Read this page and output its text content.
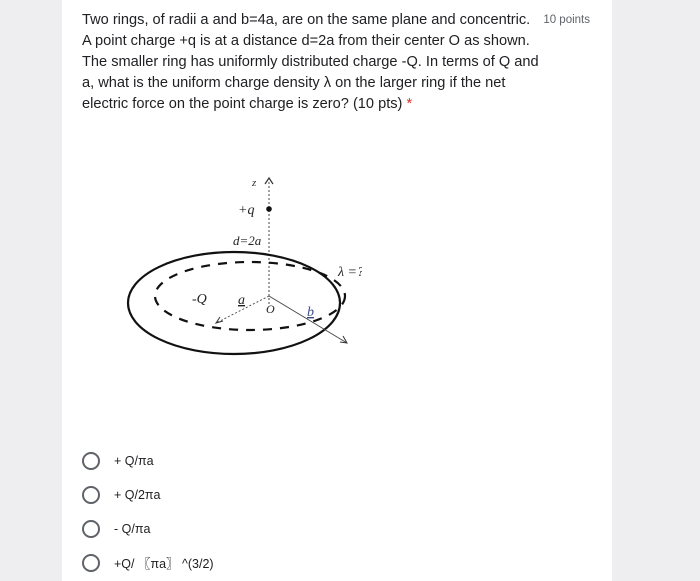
Two rings, of radii a and b=4a, are on the same plane and concentric. A point charge +q is at a distance d=2a from their center O as shown. The smaller ring has uniformly distributed charge -Q. In terms of Q and a, what is the uniform charge density λ on the larger ring if the net electric force on the point charge is zero? (10 pts) *
10 points
z
+q
d=2a
λ =?
-Q a
O b
+ Q/πa
+ Q/2πa
- Q/πa
+Q/ 〖πa〗 ^(3/2)
